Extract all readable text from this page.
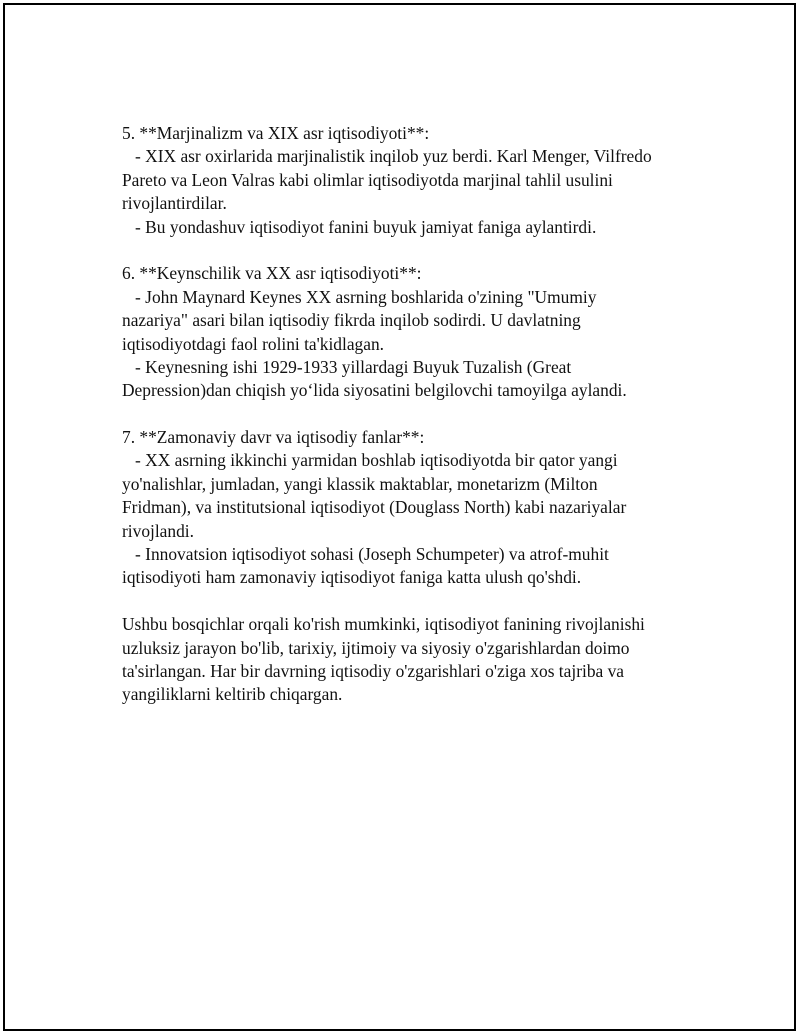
5. **Marjinalizm va XIX asr iqtisodiyoti**:
- XIX asr oxirlarida marjinalistik inqilob yuz berdi. Karl Menger, Vilfredo
Pareto va Leon Valras kabi olimlar iqtisodiyotda marjinal tahlil usulini
rivojlantirdilar.
- Bu yondashuv iqtisodiyot fanini buyuk jamiyat faniga aylantirdi.
6. **Keynschilik va XX asr iqtisodiyoti**:
- John Maynard Keynes XX asrning boshlarida o'zining "Umumiy
nazariya" asari bilan iqtisodiy fikrda inqilob sodirdi. U davlatning
iqtisodiyotdagi faol rolini ta'kidlagan.
- Keynesning ishi 1929-1933 yillardagi Buyuk Tuzalish (Great
Depression)dan chiqish yo‘lida siyosatini belgilovchi tamoyilga aylandi.
7. **Zamonaviy davr va iqtisodiy fanlar**:
- XX asrning ikkinchi yarmidan boshlab iqtisodiyotda bir qator yangi
yo'nalishlar, jumladan, yangi klassik maktablar, monetarizm (Milton
Fridman), va institutsional iqtisodiyot (Douglass North) kabi nazariyalar
rivojlandi.
- Innovatsion iqtisodiyot sohasi (Joseph Schumpeter) va atrof-muhit
iqtisodiyoti ham zamonaviy iqtisodiyot faniga katta ulush qo'shdi.
Ushbu bosqichlar orqali ko'rish mumkinki, iqtisodiyot fanining rivojlanishi
uzluksiz jarayon bo'lib, tarixiy, ijtimoiy va siyosiy o'zgarishlardan doimo
ta'sirlangan. Har bir davrning iqtisodiy o'zgarishlari o'ziga xos tajriba va
yangiliklarni keltirib chiqargan.
